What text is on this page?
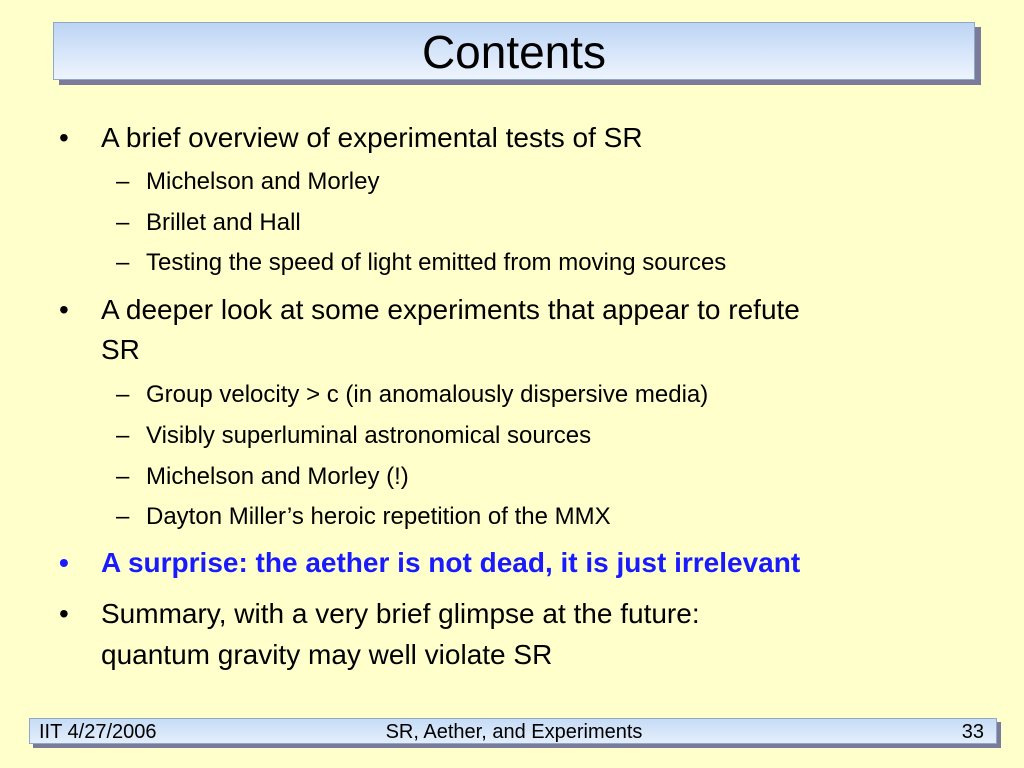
Contents
• A brief overview of experimental tests of SR
– Michelson and Morley
– Brillet and Hall
– Testing the speed of light emitted from moving sources
• A deeper look at some experiments that appear to refute
SR
– Group velocity > c (in anomalously dispersive media)
– Visibly superluminal astronomical sources
– Michelson and Morley (!)
– Dayton Miller’s heroic repetition of the MMX
• A surprise: the aether is not dead, it is just irrelevant
• Summary, with a very brief glimpse at the future:
quantum gravity may well violate SR
SR, Aether, and Experiments
IIT 4/27/2006	33
